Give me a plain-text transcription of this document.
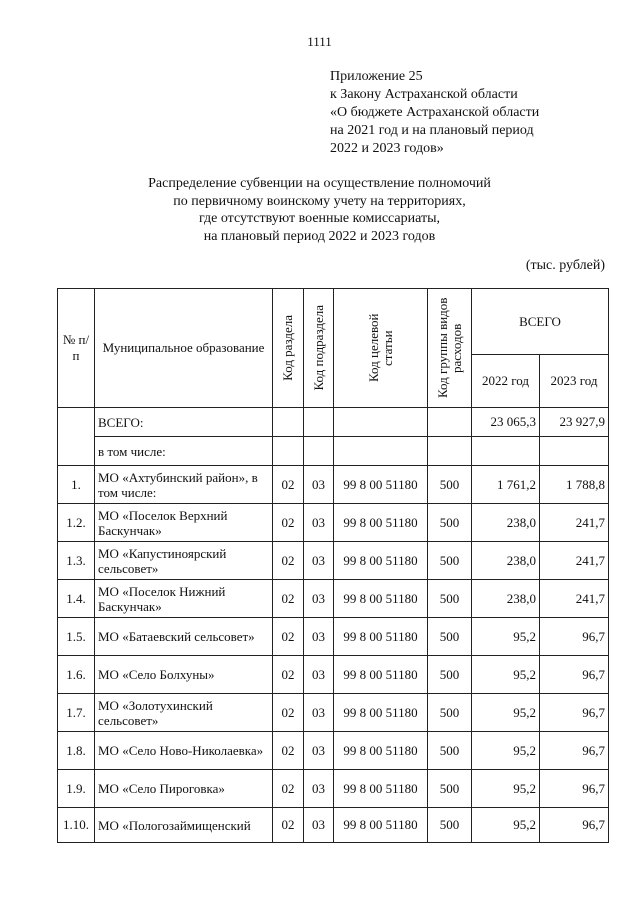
1111
Приложение 25
к Закону Астраханской области
«О бюджете Астраханской области
на 2021 год и на плановый период
2022 и 2023 годов»
Распределение субвенции на осуществление полномочий
по первичному воинскому учету на территориях,
где отсутствуют военные комиссариаты,
на плановый период 2022 и 2023 годов
(тыс. рублей)
№ п/п	Муниципальное образование	Код раздела	Код подраздела	Код целевой статьи	Код группы видов расходов	ВСЕГО	
						2022 год	2023 год
	ВСЕГО:					23 065,3	23 927,9
	в том числе:						
1.	МО «Ахтубинский район», в том числе:	02	03	99 8 00 51180	500	1 761,2	1 788,8
1.2.	МО «Поселок Верхний Баскунчак»	02	03	99 8 00 51180	500	238,0	241,7
1.3.	МО «Капустиноярский сельсовет»	02	03	99 8 00 51180	500	238,0	241,7
1.4.	МО «Поселок Нижний Баскунчак»	02	03	99 8 00 51180	500	238,0	241,7
1.5.	МО «Батаевский сельсовет»	02	03	99 8 00 51180	500	95,2	96,7
1.6.	МО «Село Болхуны»	02	03	99 8 00 51180	500	95,2	96,7
1.7.	МО «Золотухинский сельсовет»	02	03	99 8 00 51180	500	95,2	96,7
1.8.	МО «Село Ново-Николаевка»	02	03	99 8 00 51180	500	95,2	96,7
1.9.	МО «Село Пироговка»	02	03	99 8 00 51180	500	95,2	96,7
1.10.	МО «Пологозаймищенский	02	03	99 8 00 51180	500	95,2	96,7
